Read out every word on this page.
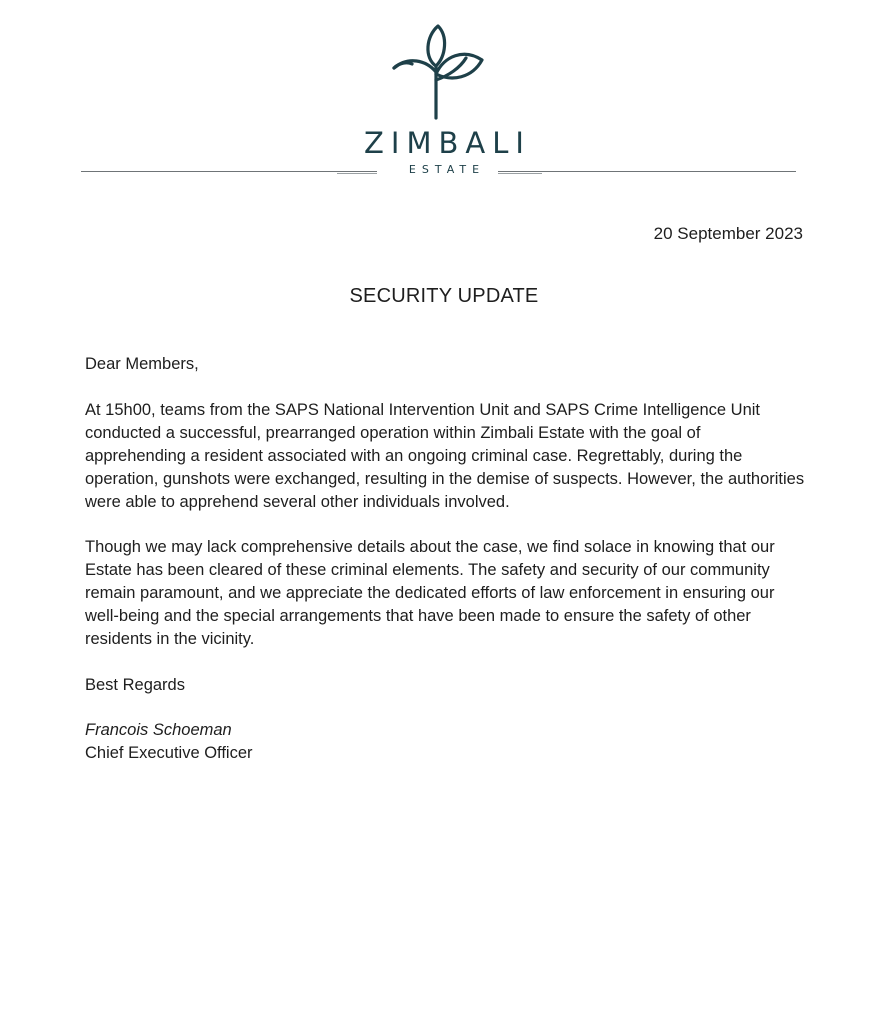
ZIMBALI
ESTATE
20 September 2023
SECURITY UPDATE
Dear Members,
At 15h00, teams from the SAPS National Intervention Unit and SAPS Crime Intelligence Unit conducted a successful, prearranged operation within Zimbali Estate with the goal of apprehending a resident associated with an ongoing criminal case. Regrettably, during the operation, gunshots were exchanged, resulting in the demise of suspects. However, the authorities were able to apprehend several other individuals involved.
Though we may lack comprehensive details about the case, we find solace in knowing that our Estate has been cleared of these criminal elements. The safety and security of our community remain paramount, and we appreciate the dedicated efforts of law enforcement in ensuring our well-being and the special arrangements that have been made to ensure the safety of other residents in the vicinity.
Best Regards
Francois Schoeman
Chief Executive Officer
